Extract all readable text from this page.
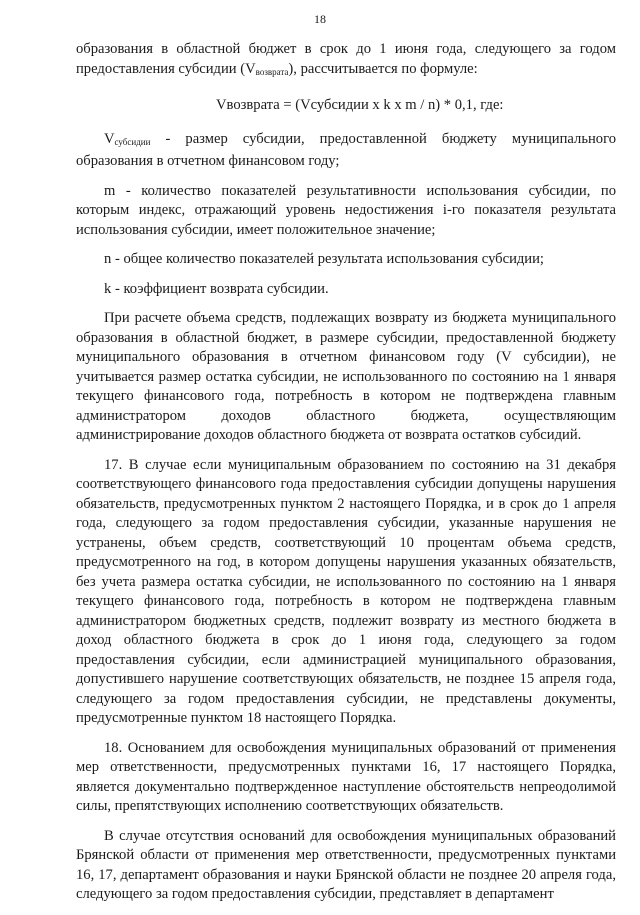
18

образования в областной бюджет в срок до 1 июня года, следующего за годом предоставления субсидии $(V_{возврата})$, рассчитывается по формуле:

Vвозврата = (Vсубсидии x k x m / n) * 0,1, где:

$V_{субсидии}$ - размер субсидии, предоставленной бюджету муниципального образования в отчетном финансовом году;

m - количество показателей результативности использования субсидии, по которым индекс, отражающий уровень недостижения i-го показателя результата использования субсидии, имеет положительное значение;

n - общее количество показателей результата использования субсидии;

k - коэффициент возврата субсидии.

При расчете объема средств, подлежащих возврату из бюджета муниципального образования в областной бюджет, в размере субсидии, предоставленной бюджету муниципального образования в отчетном финансовом году (V субсидии), не учитывается размер остатка субсидии, не использованного по состоянию на 1 января текущего финансового года, потребность в котором не подтверждена главным администратором доходов областного бюджета, осуществляющим администрирование доходов областного бюджета от возврата остатков субсидий.

17. В случае если муниципальным образованием по состоянию на 31 декабря соответствующего финансового года предоставления субсидии допущены нарушения обязательств, предусмотренных пунктом 2 настоящего Порядка, и в срок до 1 апреля года, следующего за годом предоставления субсидии, указанные нарушения не устранены, объем средств, соответствующий 10 процентам объема средств, предусмотренного на год, в котором допущены нарушения указанных обязательств, без учета размера остатка субсидии, не использованного по состоянию на 1 января текущего финансового года, потребность в котором не подтверждена главным администратором бюджетных средств, подлежит возврату из местного бюджета в доход областного бюджета в срок до 1 июня года, следующего за годом предоставления субсидии, если администрацией муниципального образования, допустившего нарушение соответствующих обязательств, не позднее 15 апреля года, следующего за годом предоставления субсидии, не представлены документы, предусмотренные пунктом 18 настоящего Порядка.

18. Основанием для освобождения муниципальных образований от применения мер ответственности, предусмотренных пунктами 16, 17 настоящего Порядка, является документально подтвержденное наступление обстоятельств непреодолимой силы, препятствующих исполнению соответствующих обязательств.

В случае отсутствия оснований для освобождения муниципальных образований Брянской области от применения мер ответственности, предусмотренных пунктами 16, 17, департамент образования и науки Брянской области не позднее 20 апреля года, следующего за годом предоставления субсидии, представляет в департамент
